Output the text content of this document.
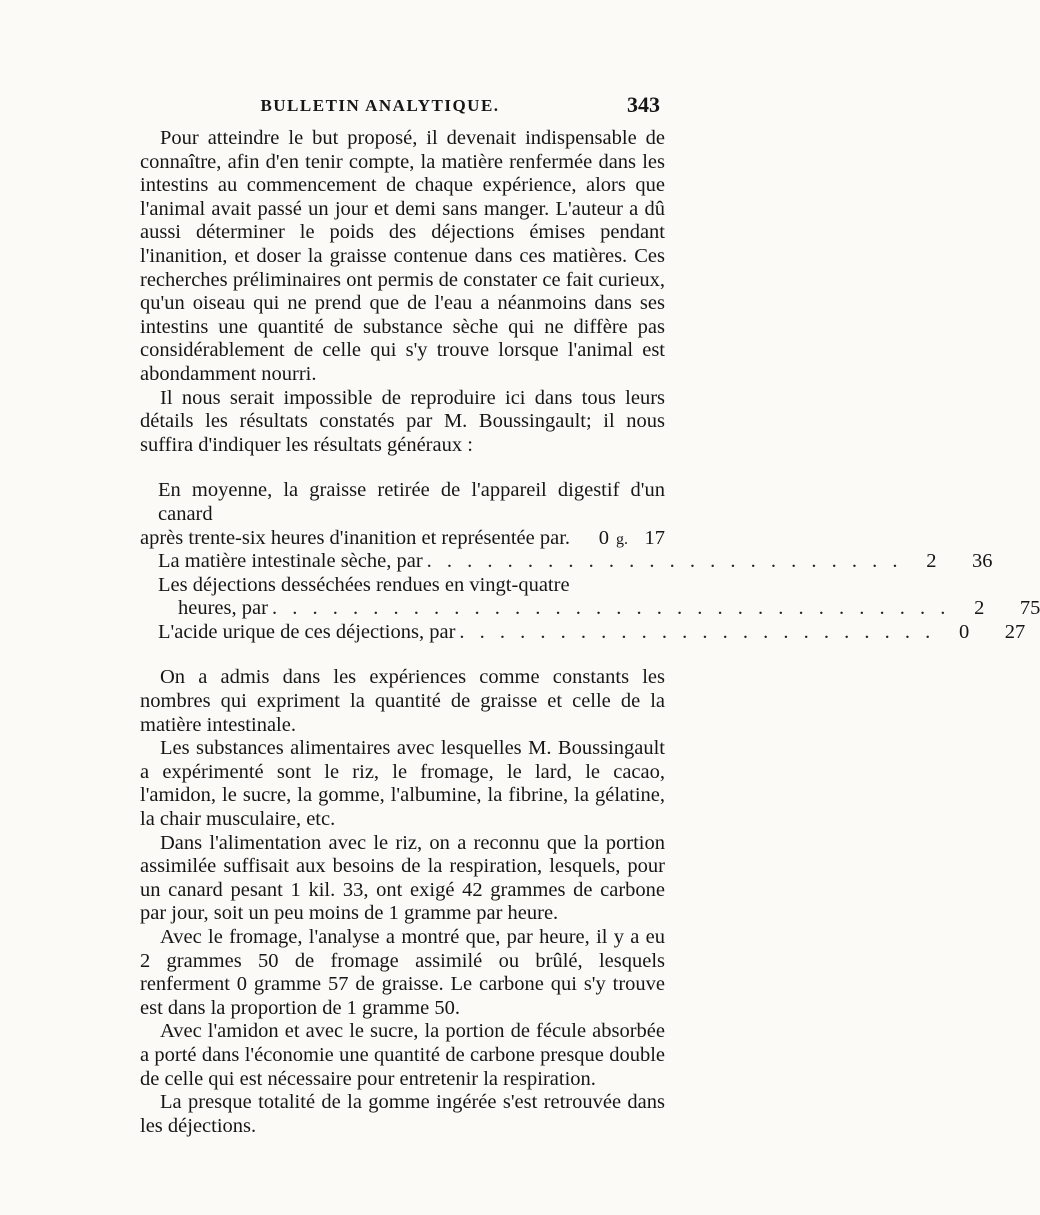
BULLETIN ANALYTIQUE.	343

Pour atteindre le but proposé, il devenait indispensable de connaître, afin d'en tenir compte, la matière renfermée dans les intestins au commencement de chaque expérience, alors que l'animal avait passé un jour et demi sans manger. L'auteur a dû aussi déterminer le poids des déjections émises pendant l'inanition, et doser la graisse contenue dans ces matières. Ces recherches préliminaires ont permis de constater ce fait curieux, qu'un oiseau qui ne prend que de l'eau a néanmoins dans ses intestins une quantité de substance sèche qui ne diffère pas considérablement de celle qui s'y trouve lorsque l'animal est abondamment nourri.

Il nous serait impossible de reproduire ici dans tous leurs détails les résultats constatés par M. Boussingault; il nous suffira d'indiquer les résultats généraux :

En moyenne, la graisse retirée de l'appareil digestif d'un canard
après trente-six heures d'inanition et représentée par.	0 g. 17
La matière intestinale sèche, par . . . . . . . . . . . . . . . . . . . . . . . .	2	36
Les déjections desséchées rendues en vingt-quatre
heures, par . . . . . . . . . . . . . . . . . . . . . . . . . . . . . . . . . .	2	75
L'acide urique de ces déjections, par . . . . . . . . . . . . . . . . . . . . . . . .	0	27

On a admis dans les expériences comme constants les nombres qui expriment la quantité de graisse et celle de la matière intestinale.

Les substances alimentaires avec lesquelles M. Boussingault a expérimenté sont le riz, le fromage, le lard, le cacao, l'amidon, le sucre, la gomme, l'albumine, la fibrine, la gélatine, la chair musculaire, etc.

Dans l'alimentation avec le riz, on a reconnu que la portion assimilée suffisait aux besoins de la respiration, lesquels, pour un canard pesant 1 kil. 33, ont exigé 42 grammes de carbone par jour, soit un peu moins de 1 gramme par heure.

Avec le fromage, l'analyse a montré que, par heure, il y a eu 2 grammes 50 de fromage assimilé ou brûlé, lesquels renferment 0 gramme 57 de graisse. Le carbone qui s'y trouve est dans la proportion de 1 gramme 50.

Avec l'amidon et avec le sucre, la portion de fécule absorbée a porté dans l'économie une quantité de carbone presque double de celle qui est nécessaire pour entretenir la respiration.

La presque totalité de la gomme ingérée s'est retrouvée dans les déjections.
